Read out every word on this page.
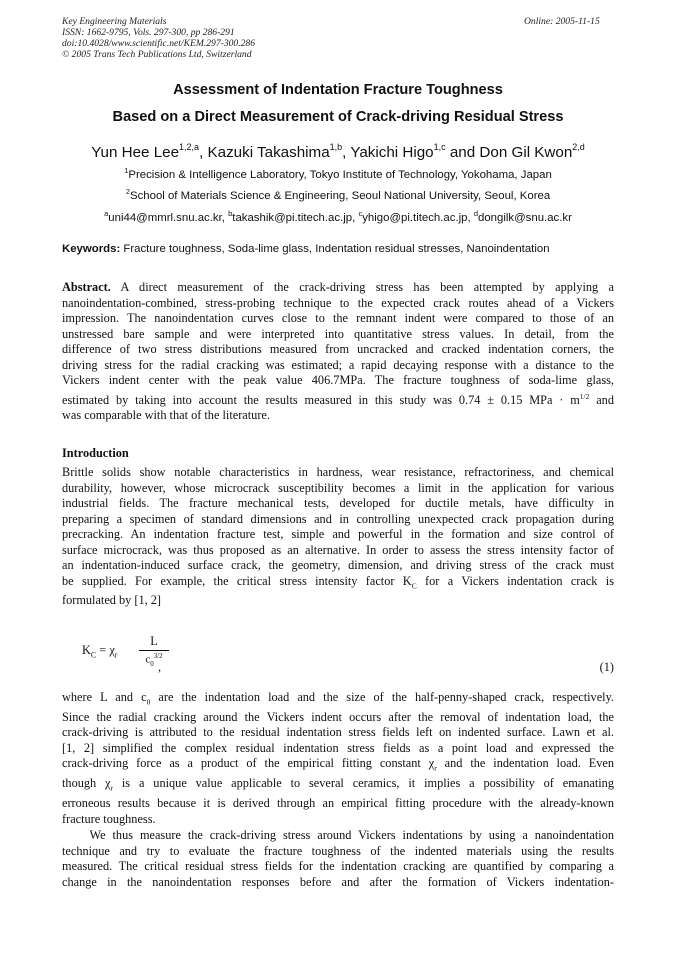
Key Engineering Materials
ISSN: 1662-9795, Vols. 297-300, pp 286-291
doi:10.4028/www.scientific.net/KEM.297-300.286
© 2005 Trans Tech Publications Ltd, Switzerland
Online: 2005-11-15
Assessment of Indentation Fracture Toughness
Based on a Direct Measurement of Crack-driving Residual Stress
Yun Hee Lee$^{1,2,a}$, Kazuki Takashima$^{1,b}$, Yakichi Higo$^{1,c}$ and Don Gil Kwon$^{2,d}$
$^1$Precision & Intelligence Laboratory, Tokyo Institute of Technology, Yokohama, Japan
$^2$School of Materials Science & Engineering, Seoul National University, Seoul, Korea
$^a$uni44@mmrl.snu.ac.kr, $^b$takashik@pi.titech.ac.jp, $^c$yhigo@pi.titech.ac.jp, $^d$dongilk@snu.ac.kr
Keywords: Fracture toughness, Soda-lime glass, Indentation residual stresses, Nanoindentation
Abstract. A direct measurement of the crack-driving stress has been attempted by applying a
nanoindentation-combined, stress-probing technique to the expected crack routes ahead of a Vickers
impression. The nanoindentation curves close to the remnant indent were compared to those of an
unstressed bare sample and were interpreted into quantitative stress values. In detail, from the
difference of two stress distributions measured from uncracked and cracked indentation corners, the
driving stress for the radial cracking was estimated; a rapid decaying response with a distance to the
Vickers indent center with the peak value 406.7MPa. The fracture toughness of soda-lime glass,
estimated by taking into account the results measured in this study was 0.74 ± 0.15 MPa · $m^{1/2}$ and
was comparable with that of the literature.
Introduction
Brittle solids show notable characteristics in hardness, wear resistance, refractoriness, and chemical
durability, however, whose microcrack susceptibility becomes a limit in the application for various
industrial fields. The fracture mechanical tests, developed for ductile metals, have difficulty in
preparing a specimen of standard dimensions and in controlling unexpected crack propagation during
precracking. An indentation fracture test, simple and powerful in the formation and size control of
surface microcrack, was thus proposed as an alternative. In order to assess the stress intensity factor of
an indentation-induced surface crack, the geometry, dimension, and driving stress of the crack must
be supplied. For example, the critical stress intensity factor $K_C$ for a Vickers indentation crack is
formulated by [1, 2]
$K_C = \chi_r \frac{L}{c_0^{3/2}}$
,	(1)
where L and $c_0$ are the indentation load and the size of the half-penny-shaped crack, respectively.
Since the radial cracking around the Vickers indent occurs after the removal of indentation load, the
crack-driving is attributed to the residual indentation stress fields left on indented surface. Lawn et al.
[1, 2] simplified the complex residual indentation stress fields as a point load and expressed the
crack-driving force as a product of the empirical fitting constant $\chi_r$ and the indentation load. Even
though $\chi_r$ is a unique value applicable to several ceramics, it implies a possibility of emanating
erroneous results because it is derived through an empirical fitting procedure with the already-known
fracture toughness.
We thus measure the crack-driving stress around Vickers indentations by using a nanoindentation
technique and try to evaluate the fracture toughness of the indented materials using the results
measured. The critical residual stress fields for the indentation cracking are quantified by comparing a
change in the nanoindentation responses before and after the formation of Vickers indentation-
